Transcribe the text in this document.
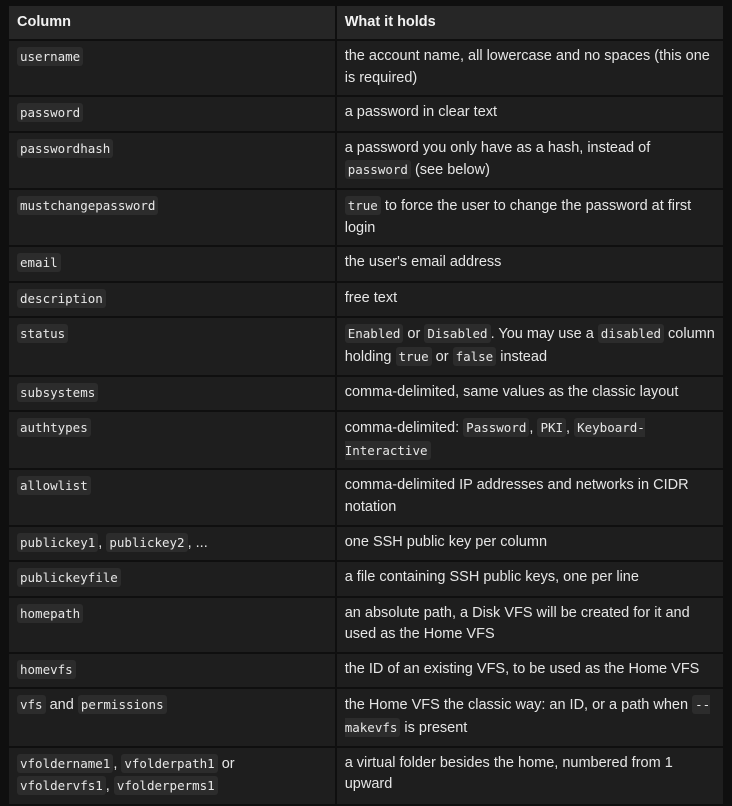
Column	What it holds
username	the account name, all lowercase and no spaces (this one is required)
password	a password in clear text
passwordhash	a password you only have as a hash, instead of password (see below)
mustchangepassword	true to force the user to change the password at first login
email	the user's email address
description	free text
status	Enabled or Disabled . You may use a disabled column holding true or false instead
subsystems	comma-delimited, same values as the classic layout
authtypes	comma-delimited: Password , PKI , Keyboard-Interactive
allowlist	comma-delimited IP addresses and networks in CIDR notation
publickey1 , publickey2 , ...	one SSH public key per column
publickeyfile	a file containing SSH public keys, one per line
homepath	an absolute path, a Disk VFS will be created for it and used as the Home VFS
homevfs	the ID of an existing VFS, to be used as the Home VFS
vfs and permissions	the Home VFS the classic way: an ID, or a path when --makevfs is present
vfoldername1 , vfolderpath1 or vfoldervfs1 , vfolderperms1	a virtual folder besides the home, numbered from 1 upward
